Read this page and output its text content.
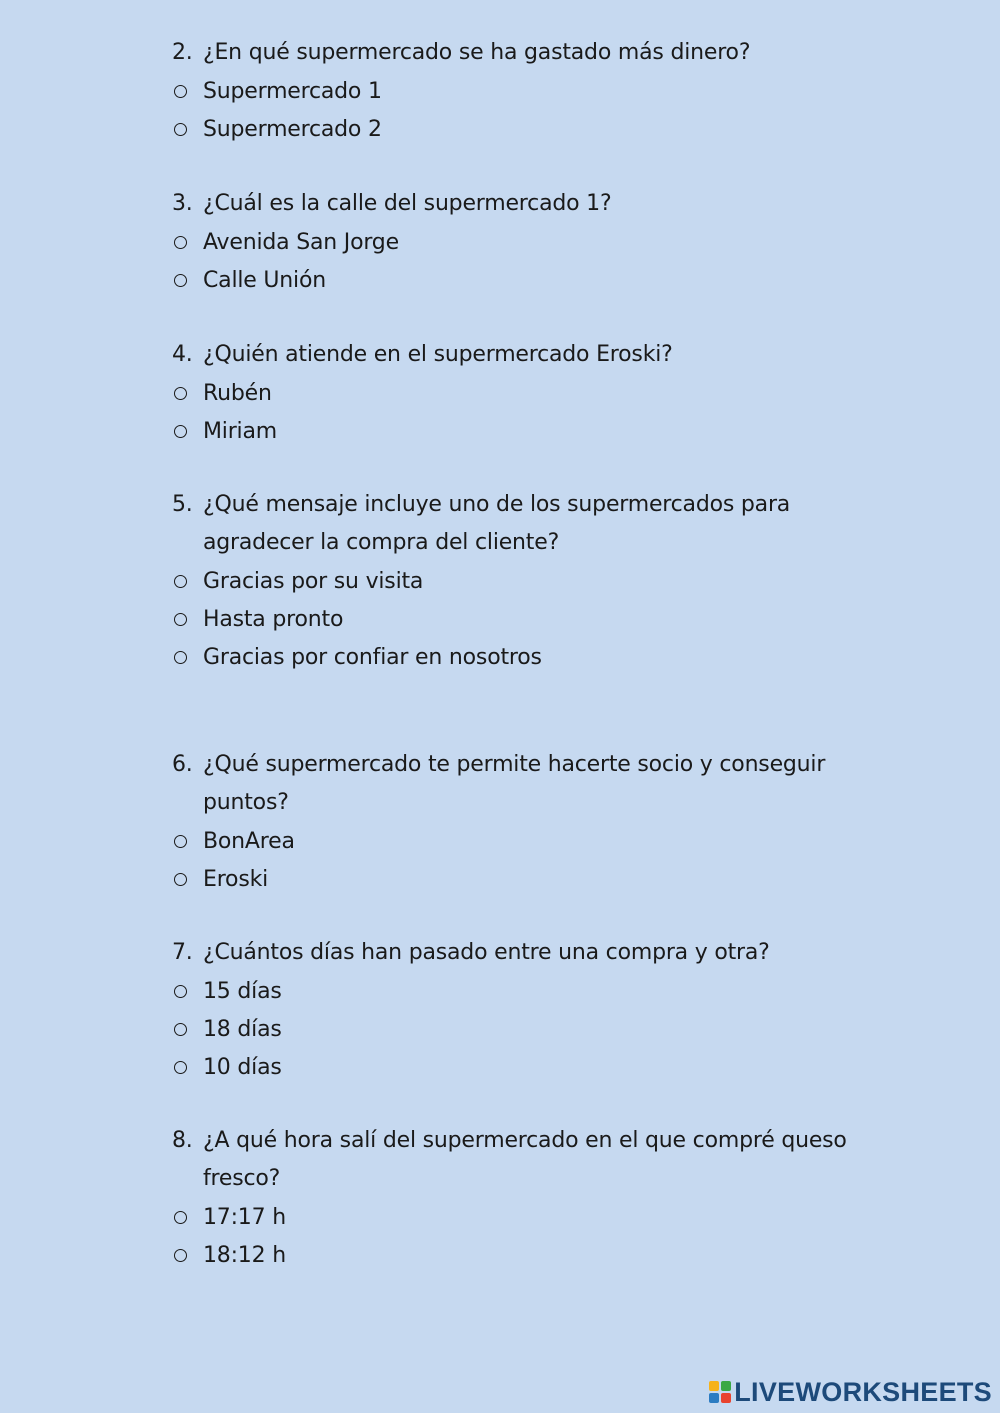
2. ¿En qué supermercado se ha gastado más dinero?
Supermercado 1
Supermercado 2
3. ¿Cuál es la calle del supermercado 1?
Avenida San Jorge
Calle Unión
4. ¿Quién atiende en el supermercado Eroski?
Rubén
Miriam
5. ¿Qué mensaje incluye uno de los supermercados para agradecer la compra del cliente?
Gracias por su visita
Hasta pronto
Gracias por confiar en nosotros
6. ¿Qué supermercado te permite hacerte socio y conseguir puntos?
BonArea
Eroski
7. ¿Cuántos días han pasado entre una compra y otra?
15 días
18 días
10 días
8. ¿A qué hora salí del supermercado en el que compré queso fresco?
17:17 h
18:12 h
LIVEWORKSHEETS
